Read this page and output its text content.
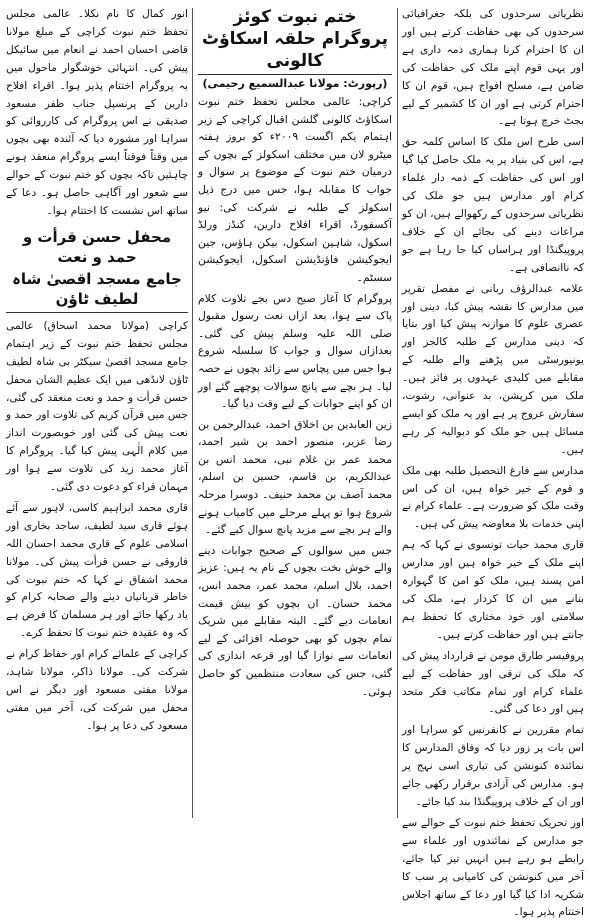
نظریاتی سرحدوں کی بلکہ جغرافیائی سرحدوں کی بھی حفاظت کرتے ہیں اور ان کا احترام کرنا ہماری ذمہ داری ہے اور یہی قوم اپنے ملک کی حفاظت کی ضامن ہے، مسلح افواج ہیں، قوم ان کا احترام کرتی ہے اور ان کا کشمیر کے لیے بجٹ خرچ ہوتا ہے۔

اسی طرح اس ملک کا اساس کلمہ حق ہے، اس کی بنیاد پر یہ ملک حاصل کیا گیا اور اس کی حفاظت کے ذمہ دار علماء کرام اور مدارس ہیں جو ملک کی نظریاتی سرحدوں کے رکھوالے ہیں، ان کو مراعات دینے کی بجائے ان کے خلاف پروپیگنڈا اور ہراساں کیا جا رہا ہے جو کہ ناانصافی ہے۔

علامہ عبدالرؤف ربانی نے مفصل تقریر میں مدارس کا نقشہ پیش کیا، دینی اور عصری علوم کا موازنہ پیش کیا اور بتایا کہ دینی مدارس کے طلبہ کالجز اور یونیورسٹی میں پڑھنے والے طلبہ کے مقابلے میں کلیدی عہدوں پر فائز ہیں۔ ملک میں کرپشن، بد عنوانی، رشوت، سفارش عروج پر ہے اور یہ ملک کو ایسے مسائل ہیں جو ملک کو دیوالیہ کر رہے ہیں۔

مدارس سے فارغ التحصیل طلبہ بھی ملک و قوم کے خیر خواہ ہیں، ان کی اس وقت ملک کو ضرورت ہے۔ علماء کرام نے اپنی خدمات بلا معاوضہ پیش کی ہیں۔

قاری محمد حیات تونسوی نے کہا کہ ہم اپنے ملک کے خیر خواہ ہیں اور مدارس امن پسند ہیں، ملک کو امن کا گہوارہ بنانے میں ان کا کردار ہے، ملک کی سلامتی اور خود مختاری کا تحفظ ہم جانتے ہیں اور حفاظت کرتے ہیں۔

پروفیسر طارق مومن نے قرارداد پیش کی کہ ملک کی ترقی اور حفاظت کے لیے علماء کرام اور تمام مکاتب فکر متحد ہیں اور دعا کی گئی۔

تمام مقررین نے کانفرنس کو سراہا اور اس بات پر زور دیا کہ وفاق المدارس کا نمائندہ کنونشن کی تیاری اسی نہج پر ہو۔ مدارس کی آزادی برقرار رکھی جائے اور ان کے خلاف پروپیگنڈا بند کیا جائے۔

اور تحریک تحفظ ختم نبوت کے حوالے سے جو مدارس کے نمائندوں اور علماء سے رابطے ہو رہے ہیں انہیں تیز کیا جائے، آخر میں کنونشن کی کامیابی پر سب کا شکریہ ادا کیا گیا اور دعا کے ساتھ اجلاس اختتام پذیر ہوا۔

ختم نبوت کوئز پروگرام حلقہ اسکاؤٹ کالونی
(رپورٹ: مولانا عبدالسمیع رحیمی)

کراچی: عالمی مجلس تحفظ ختم نبوت اسکاؤٹ کالونی گلشن اقبال کراچی کے زیر اہتمام یکم اگست ۲۰۰۹ء کو بروز ہفتہ میٹرو لان میں مختلف اسکولز کے بچوں کے درمیان ختم نبوت کے موضوع پر سوال و جواب کا مقابلہ ہوا، جس میں درج ذیل اسکولز کے طلبہ نے شرکت کی: نیو آکسفورڈ، اقراء افلاح دارین، کنڈز ورلڈ اسکول، شاہین اسکول، بیکن ہاؤس، جین ایجوکیشن فاؤنڈیشن اسکول، ایجوکیشن سسٹم۔

پروگرام کا آغاز صبح دس بجے تلاوت کلام پاک سے ہوا، بعد ازاں نعت رسول مقبول صلی اللہ علیہ وسلم پیش کی گئی۔ بعدازاں سوال و جواب کا سلسلہ شروع ہوا جس میں پچاس سے زائد بچوں نے حصہ لیا۔ ہر بچے سے پانچ سوالات پوچھے گئے اور ان کو اپنے جوابات کے لیے وقت دیا گیا۔

زین العابدین بن اخلاق احمد، عبدالرحمن بن رضا عزیر، منصور احمد بن شیر احمد، محمد عمر بن غلام نبی، محمد انس بن عبدالکریم، بن قاسم، حسین بن اسلم، محمد آصف بن محمد حنیف۔ دوسرا مرحلہ شروع ہوا تو پہلے مرحلے میں کامیاب ہونے والے ہر بچے سے مزید پانچ سوال کیے گئے۔

جس میں سوالوں کے صحیح جوابات دینے والے خوش بخت بچوں کے نام یہ ہیں: عزیز احمد، بلال اسلم، محمد عمر، محمد انس، محمد حسان۔ ان بچوں کو بیش قیمت انعامات دیے گئے۔ البتہ مقابلے میں شریک تمام بچوں کو بھی حوصلہ افزائی کے لیے انعامات سے نوازا گیا اور قرعہ اندازی کی گئی، جس کی سعادت منتظمین کو حاصل ہوئی۔

انور کمال کا نام نکلا۔ عالمی مجلس تحفظ ختم نبوت کراچی کے مبلغ مولانا قاضی احسان احمد نے انعام میں سائیکل پیش کی۔ انتہائی خوشگوار ماحول میں یہ پروگرام اختتام پذیر ہوا۔ اقراء افلاح دارین کے پرنسپل جناب ظفر مسعود صدیقی نے اس پروگرام کی کارروائی کو سراہا اور مشورہ دیا کہ آئندہ بھی بچوں میں وقتاً فوقتاً ایسے پروگرام منعقد ہونے چاہئیں تاکہ بچوں کو ختم نبوت کے حوالے سے شعور اور آگاہی حاصل ہو۔ دعا کے ساتھ اس نشست کا اختتام ہوا۔

محفل حسن قرأت و حمد و نعت
جامع مسجد اقصیٰ شاہ لطیف ٹاؤن

کراچی (مولانا محمد اسحاق) عالمی مجلس تحفظ ختم نبوت کے زیر اہتمام جامع مسجد اقصیٰ سیکٹر بی شاہ لطیف ٹاؤن لانڈھی میں ایک عظیم الشان محفل حسن قرأت و حمد و نعت منعقد کی گئی، جس میں قرآن کریم کی تلاوت اور حمد و نعت پیش کی گئی اور خوبصورت انداز میں کلام الٰہی پیش کیا گیا۔ پروگرام کا آغاز محمد زید کی تلاوت سے ہوا اور مہمان قراء کو دعوت دی گئی۔

قاری محمد ابراہیم کاسی، لاہور سے آئے ہوئے قاری سید لطیف، ساجد بخاری اور اسلامی علوم کے قاری محمد احسان اللہ فاروقی نے حسن قرأت پیش کی۔ مولانا محمد اشفاق نے کہا کہ ختم نبوت کی خاطر قربانیاں دینے والے صحابہ کرام کو یاد رکھا جائے اور ہر مسلمان کا فرض ہے کہ وہ عقیدہ ختم نبوت کا تحفظ کرے۔

کراچی کے علمائے کرام اور حفاظ کرام نے شرکت کی۔ مولانا ذاکر، مولانا شاہد، مولانا مفتی مسعود اور دیگر نے اس محفل میں شرکت کی، آخر میں مفتی مسعود کی دعا پر ہوا۔
